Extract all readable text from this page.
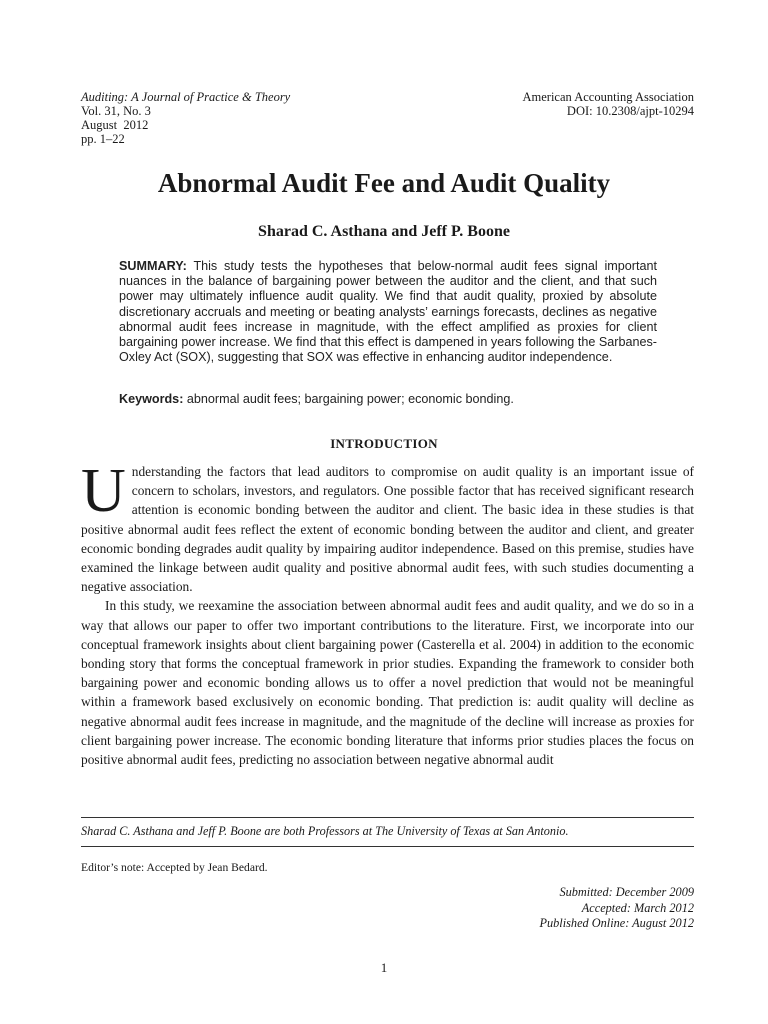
Auditing: A Journal of Practice & Theory
Vol. 31, No. 3
August  2012
pp. 1–22
American Accounting Association
DOI: 10.2308/ajpt-10294
Abnormal Audit Fee and Audit Quality
Sharad C. Asthana and Jeff P. Boone
SUMMARY: This study tests the hypotheses that below-normal audit fees signal important nuances in the balance of bargaining power between the auditor and the client, and that such power may ultimately influence audit quality. We find that audit quality, proxied by absolute discretionary accruals and meeting or beating analysts’ earnings forecasts, declines as negative abnormal audit fees increase in magnitude, with the effect amplified as proxies for client bargaining power increase. We find that this effect is dampened in years following the Sarbanes-Oxley Act (SOX), suggesting that SOX was effective in enhancing auditor independence.
Keywords: abnormal audit fees; bargaining power; economic bonding.
INTRODUCTION

Understanding the factors that lead auditors to compromise on audit quality is an important issue of concern to scholars, investors, and regulators. One possible factor that has received significant research attention is economic bonding between the auditor and client. The basic idea in these studies is that positive abnormal audit fees reflect the extent of economic bonding between the auditor and client, and greater economic bonding degrades audit quality by impairing auditor independence. Based on this premise, studies have examined the linkage between audit quality and positive abnormal audit fees, with such studies documenting a negative association.

In this study, we reexamine the association between abnormal audit fees and audit quality, and we do so in a way that allows our paper to offer two important contributions to the literature. First, we incorporate into our conceptual framework insights about client bargaining power (Casterella et al. 2004) in addition to the economic bonding story that forms the conceptual framework in prior studies. Expanding the framework to consider both bargaining power and economic bonding allows us to offer a novel prediction that would not be meaningful within a framework based exclusively on economic bonding. That prediction is: audit quality will decline as negative abnormal audit fees increase in magnitude, and the magnitude of the decline will increase as proxies for client bargaining power increase. The economic bonding literature that informs prior studies places the focus on positive abnormal audit fees, predicting no association between negative abnormal audit

Sharad C. Asthana and Jeff P. Boone are both Professors at The University of Texas at San Antonio.
Editor’s note: Accepted by Jean Bedard.
Submitted: December 2009
Accepted: March 2012
Published Online: August 2012
1
